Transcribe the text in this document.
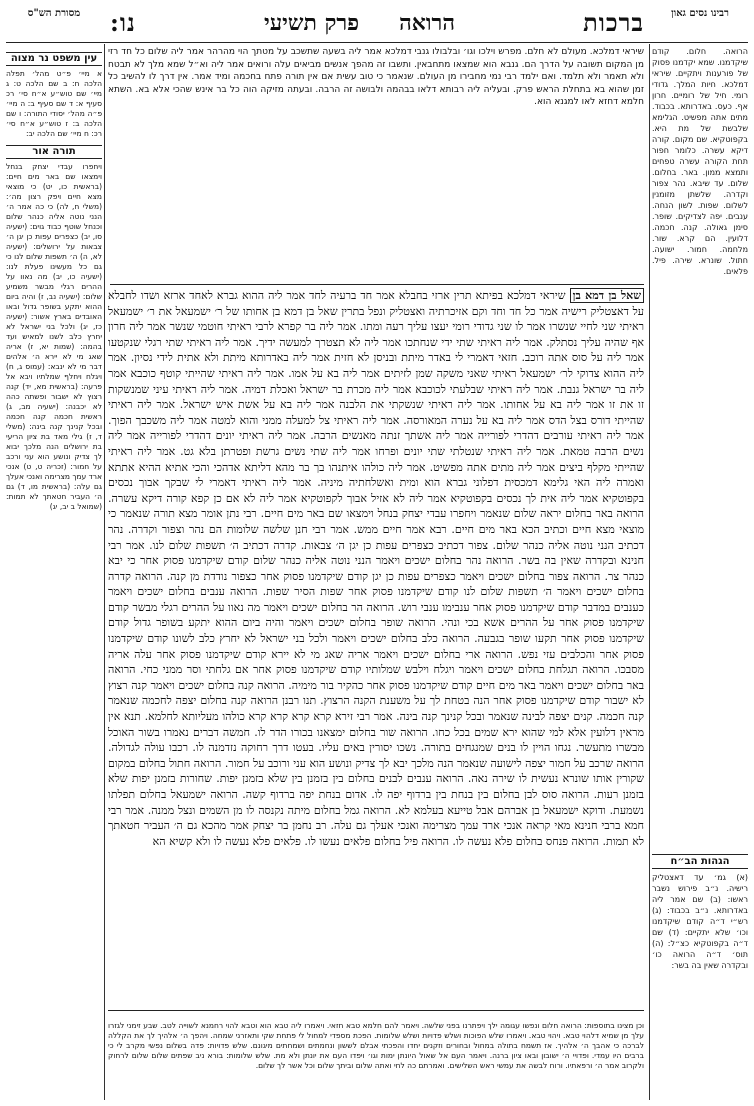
מסורת הש"ס	רבינו נסים גאון
ברכות
הרואה
פרק תשיעי
נו:

שיראי דמלכא. מעולם לא חלם. מפרש וילכו וגו׳ ובלבולו גנבי דמלכא אמר ליה בשעה שתשכב על מטתך הוי מהרהר אמר ליה שלום כל חד רזי מן המקום תשובה על הדרך הם. גנבא הוא שמצאו מתחבאין. ותשבו זה מהפך אנשים מביאים עלה ורואים אמר ליה וא״ל שמא מלך לא תבטח ולא תאמר ולא תלמד. ואם ילמד רבי נמי מחבירו מן העולם. שנאמר כי טוב עשית אם אין תורה פתח בחכמה ומיד אמר. אין דרך לו להשיב כל זמן שהוא בא בתחלת הראש פרק. ובעליה ליה רבותא דלאו בבהמה ולבושה זה הרבה. ובעתה מזיקה הוה כל בר אינש שהכי אלא בא. השתא חלמא דחזא לאו למגנא הוא.

שאל בן דמא בן שיראי דמלכא בפיתא תרין ארזי בחבלא אמר חד ברעיה לחד אמר ליה ההוא גברא לאחד ארזא ושדו לחבלא על דאצטליק רישיה אמר כל חד וחד וקם אזיכרתיה ואצטליק ונפל בתרין שאל בן דמא בן אחותו של ר׳ ישמעאל את ר׳ ישמעאל ראיתי שני לחיי שנשרו אמר לו שני גדודי רומי יעצו עליך רעה ומתו. אמר ליה בר קפרא לרבי ראיתי חוטמי שנשר אמר ליה חרון אף שהיה עליך נסתלק. אמר ליה ראיתי שתי ידי שנחתכו אמר ליה לא תצטרך למעשה ידיך. אמר ליה ראיתי שתי רגלי שנקטעו אמר ליה על סוס אתה רוכב. חזאי דאמרי לי באדר מיתת ובניסן לא חזית אמר ליה באדרותא מיתת ולא אתית לידי נסיון. אמר ליה ההוא צדוקי לר׳ ישמעאל ראיתי שאני משקה שמן לזיתים אמר ליה בא על אמו. אמר ליה ראיתי שהייתי קוטף כוכבא אמר ליה בר ישראל גנבת. אמר ליה ראיתי שבלעתי לכוכבא אמר ליה מכרת בר ישראל ואכלת דמיה. אמר ליה ראיתי עיני שמנשקות זו את זו אמר ליה בא על אחותו. אמר ליה ראיתי שנשקתי את הלבנה אמר ליה בא על אשת איש ישראל. אמר ליה ראיתי שהייתי דורס בצל הדס אמר ליה בא על נערה המאורסה. אמר ליה ראיתי צל למעלה ממני והוא למטה אמר ליה משכבך הפוך. אמר ליה ראיתי עורבים דהדרי לפורייה אמר ליה אשתך זנתה מאנשים הרבה. אמר ליה ראיתי יונים דהדרי לפורייה אמר ליה נשים הרבה טמאת. אמר ליה ראיתי שנטלתי שתי יונים ופרחו אמר ליה שתי נשים גרשת ופטרתן בלא גט. אמר ליה ראיתי שהייתי מקלף ביצים אמר ליה מתים אתה מפשיט. אמר ליה כולהו איתנהו בך בר מהא דליתא אדהכי והכי אתיא ההיא אתתא ואמרה ליה האי גלימא דמכסית דפלוני גברא הוא ומית ואשלחתיה מיניה. אמר ליה ראיתי דאמרי לי שבקך אבוך נכסים בקפוטקיא אמר ליה אית לך נכסים בקפוטקיא אמר ליה לא אזיל אבוך לקפוטקיא אמר ליה לא אם כן קפא קורה דיקא עשרה. הרואה באר בחלום יראה שלום שנאמר ויחפרו עבדי יצחק בנחל וימצאו שם באר מים חיים. רבי נתן אומר מצא תורה שנאמר כי מוצאי מצא חיים וכתיב הכא באר מים חיים. רבא אמר חיים ממש. אמר רבי חנן שלשה שלומות הם נהר וצפור וקדרה. נהר דכתיב הנני נוטה אליה כנהר שלום. צפור דכתיב כצפרים עפות כן יגן ה׳ צבאות. קדרה דכתיב ה׳ תשפות שלום לנו. אמר רבי חנינא ובקדרה שאין בה בשר. הרואה נהר בחלום ישכים ויאמר הנני נוטה אליה כנהר שלום קודם שיקדמנו פסוק אחר כי יבא כנהר צר. הרואה צפור בחלום ישכים ויאמר כצפרים עפות כן יגן קודם שיקדמנו פסוק אחר כצפור נודדת מן קנה. הרואה קדרה בחלום ישכים ויאמר ה׳ תשפות שלום לנו קודם שיקדמנו פסוק אחר שפות הסיר שפות. הרואה ענבים בחלום ישכים ויאמר כענבים במדבר קודם שיקדמנו פסוק אחר ענבימו ענבי רוש. הרואה הר בחלום ישכים ויאמר מה נאוו על ההרים רגלי מבשר קודם שיקדמנו פסוק אחר על ההרים אשא בכי ונהי. הרואה שופר בחלום ישכים ויאמר והיה ביום ההוא יתקע בשופר גדול קודם שיקדמנו פסוק אחר תקעו שופר בגבעה. הרואה כלב בחלום ישכים ויאמר ולכל בני ישראל לא יחרץ כלב לשונו קודם שיקדמנו פסוק אחר והכלבים עזי נפש. הרואה ארי בחלום ישכים ויאמר אריה שאג מי לא יירא קודם שיקדמנו פסוק אחר עלה אריה מסבכו. הרואה תגלחת בחלום ישכים ויאמר ויגלח וילבש שמלותיו קודם שיקדמנו פסוק אחר אם גלחתי וסר ממני כחי. הרואה באר בחלום ישכים ויאמר באר מים חיים קודם שיקדמנו פסוק אחר כהקיר בור מימיה. הרואה קנה בחלום ישכים ויאמר קנה רצוץ לא ישבור קודם שיקדמנו פסוק אחר הנה בטחת לך על משענת הקנה הרצוץ. תנו רבנן הרואה קנה בחלום יצפה לחכמה שנאמר קנה חכמה. קנים יצפה לבינה שנאמר ובכל קנינך קנה בינה. אמר רבי זירא קרא קרא קרא קרא כולהו מעליותא לחלמא. תנא אין מראין דלועין אלא למי שהוא ירא שמים בכל כחו. הרואה שור בחלום ימצאנו בכורו הדר לו. חמשה דברים נאמרו בשור האוכל מבשרו מתעשר. נגחו הויין לו בנים שמנגחים בתורה. נשכו יסורין באים עליו. בעטו דרך רחוקה נזדמנה לו. רכבו עולה לגדולה. הרואה שרכב על חמור יצפה לישועה שנאמר הנה מלכך יבא לך צדיק ונושע הוא עני ורוכב על חמור. הרואה חתול בחלום במקום שקורין אותו שונרא נעשית לו שירה נאה. הרואה ענבים לבנים בחלום בין בזמנן בין שלא בזמנן יפות. שחורות בזמנן יפות שלא בזמנן רעות. הרואה סוס לבן בחלום בין בנחת בין ברדוף יפה לו. אדום בנחת יפה ברדוף קשה. הרואה ישמעאל בחלום תפלתו נשמעת. ודוקא ישמעאל בן אברהם אבל טייעא בעלמא לא. הרואה גמל בחלום מיתה נקנסה לו מן השמים ונצל ממנה. אמר רבי חמא ברבי חנינא מאי קראה אנכי ארד עמך מצרימה ואנכי אעלך גם עלה. רב נחמן בר יצחק אמר מהכא גם ה׳ העביר חטאתך לא תמות. הרואה פנחס בחלום פלא נעשה לו. הרואה פיל בחלום פלאים נעשו לו. פלאים פלא נעשה לו ולא קשיא הא

וכן מצינו בתוספות: הרואה חלום ונפשו עגומה ילך ויפתרנו בפני שלשה. ויאמר להם חלמא טבא חזאי. ויאמרו ליה טבא הוא וטבא להוי רחמנא לשוייה לטב. שבע זימני לגזרו עלך מן שמיא דלהוי טבא. ויהוי טבא. ויאמרו שלש הפוכות ושלש פדויות ושלש שלומות. הפכת מספדי למחול לי פתחת שקי ותאזרני שמחה. ויהפך ה׳ אלהיך לך את הקללה לברכה כי אהבך ה׳ אלהיך. אז תשמח בתולה במחול ובחורים וזקנים יחדו והפכתי אבלם לששון ונחמתים ושמחתים מיגונם. שלש פדויות: פדה בשלום נפשי מקרב לי כי ברבים היו עמדי. ופדויי ה׳ ישובון ובאו ציון ברנה. ויאמר העם אל שאול היונתן ימות וגו׳ ויפדו העם את יונתן ולא מת. שלש שלומות: בורא ניב שפתים שלום שלום לרחוק ולקרוב אמר ה׳ ורפאתיו. ורוח לבשה את עמשי ראש השלישים. ואמרתם כה לחי ואתה שלום וביתך שלום וכל אשר לך שלום.

הרואה. חלום. קודם שיקדמנו. שמא יקדמנו פסוק של פורענות ויתקיים. שיראי דמלכא. חיות המלך. גדודי רומי. חיל של רומיים. חרון אף. כעס. באדרותא. בכבוד. מתים אתה מפשיט. הגלימא שלבשת של מת היא. בקפוטקיא. שם מקום. קורה דיקא עשרה. כלומר חפור תחת הקורה עשרה טפחים ותמצא ממון. באר. בחלום. שלום. עד שיבא. נהר צפור וקדרה. שלשתן מזומנין לשלום. שפות. לשון הנחה. ענבים. יפה לצדיקים. שופר. סימן גאולה. קנה. חכמה. דלועין. הם קרא. שור. מלחמה. חמור. ישועה. חתול. שונרא. שירה. פיל. פלאים.

הגהות הב״ח

(א) גמ׳ עד דאצטליק רישיה. נ״ב פירוש נשבר ראשו: (ב) שם אמר ליה באדרותא. נ״ב בכבוד: (ג) רש״י ד״ה קודם שיקדמנו וכו׳ שלא יתקיים: (ד) שם ד״ה בקפוטקיא כצ״ל: (ה) תוס׳ ד״ה הרואה כו׳ ובקדרה שאין בה בשר:

עין משפט נר מצוה

א מיי׳ פ״ט מהל׳ תפלה הלכה ח: ב שם הלכה ט: ג מיי׳ שם טוש״ע א״ח סי׳ רכ סעיף א: ד שם סעיף ב: ה מיי׳ פ״ה מהל׳ יסודי התורה: ו שם הלכה ב: ז טוש״ע א״ח סי׳ רכ: ח מיי׳ שם הלכה יב:

תורה אור

ויחפרו עבדי יצחק בנחל וימצאו שם באר מים חיים: (בראשית כו, יט) כי מוצאי מצא חיים ויפק רצון מה׳: (משלי ח, לה) כי כה אמר ה׳ הנני נוטה אליה כנהר שלום וכנחל שוטף כבוד גוים: (ישעיה סו, יב) כצפרים עפות כן יגן ה׳ צבאות על ירושלים: (ישעיה לא, ה) ה׳ תשפות שלום לנו כי גם כל מעשינו פעלת לנו: (ישעיה כו, יב) מה נאוו על ההרים רגלי מבשר משמיע שלום: (ישעיה נב, ז) והיה ביום ההוא יתקע בשופר גדול ובאו האובדים בארץ אשור: (ישעיה כז, יג) ולכל בני ישראל לא יחרץ כלב לשנו למאיש ועד בהמה: (שמות יא, ז) אריה שאג מי לא יירא ה׳ אלהים דבר מי לא ינבא: (עמוס ג, ח) ויגלח ויחלף שמלתיו ויבא אל פרעה: (בראשית מא, יד) קנה רצוץ לא ישבור ופשתה כהה לא יכבנה: (ישעיה מב, ג) ראשית חכמה קנה חכמה ובכל קנינך קנה בינה: (משלי ד, ז) גילי מאד בת ציון הריעי בת ירושלים הנה מלכך יבוא לך צדיק ונושע הוא עני ורכב על חמור: (זכריה ט, ט) אנכי ארד עמך מצרימה ואנכי אעלך גם עלה: (בראשית מו, ד) גם ה׳ העביר חטאתך לא תמות: (שמואל ב יב, יג)
